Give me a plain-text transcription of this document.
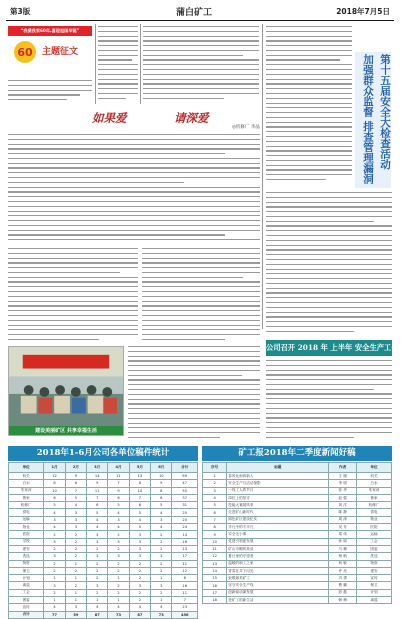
第3版	蒲白矿工	2018年7月5日
“我爱我家60年,喜迎祖国华诞”
60 主题征文
如果爱	请深爱
◎机修厂 李晶
建设美丽矿区 共享幸福生活
第十五届安全大检查活动
加强群众监督 排查管理漏洞
公司召开 2018 年 上半年 安全生产工作会
2018年1-6月公司各单位稿件统计
单位	1月	2月	3月	4月	5月	6月	合计
机关	12	9	14	11	13	10	69
白水	8	6	9	7	8	9	47
朱家河	10	7	11	9	10	8	55
鲁家	6	5	7	6	7	6	37
机修厂	5	4	6	5	6	5	31
供电	4	3	5	4	5	4	25
运输	3	3	4	3	4	3	20
物业	4	3	4	4	5	4	24
医院	2	2	3	2	3	2	14
学校	3	2	3	3	3	2	16
建安	2	2	2	2	3	2	13
洗选	3	2	3	3	3	3	17
物资	2	1	2	2	2	2	11
保卫	2	2	2	2	2	2	12
计划	1	1	2	1	2	1	8
离退	3	2	3	2	3	3	16
工会	2	1	2	2	2	2	11
团委	1	1	1	1	2	1	7
宣传	4	3	4	4	4	4	23
合计	77	59	87	73	87	73	456
矿工报2018年二季度新闻好稿
序号	标题	作者	单位
1	春风化雨育新人	王 刚	机关
2	安全生产月活动掠影	李 明	白水
3	一线工人的节日	张 华	朱家河
4	岗位上的坚守	赵 强	鲁家
5	技能大赛展风采	刘 洋	机修厂
6	走进矿山新时代	陈 静	供电
7	绿色矿区建设纪实	周 涛	物业
8	平凡中的不平凡	吴 芳	医院
9	安全无小事	郑 伟	运输
10	党建引领促发展	孙 丽	工会
11	矿山巾帼风采录	马 琳	团委
12	夏日里的守望者	杨 帆	洗选
13	温暖的职工之家	何 敏	物资
14	青春在井下闪光	许 亮	建安
15	致敬最美矿工	冯 勇	宣传
16	坚守安全生产线	曹 鹏	保卫
17	创新驱动谋发展	彭 磊	计划
18	老矿工的新生活	韩 梅	离退
